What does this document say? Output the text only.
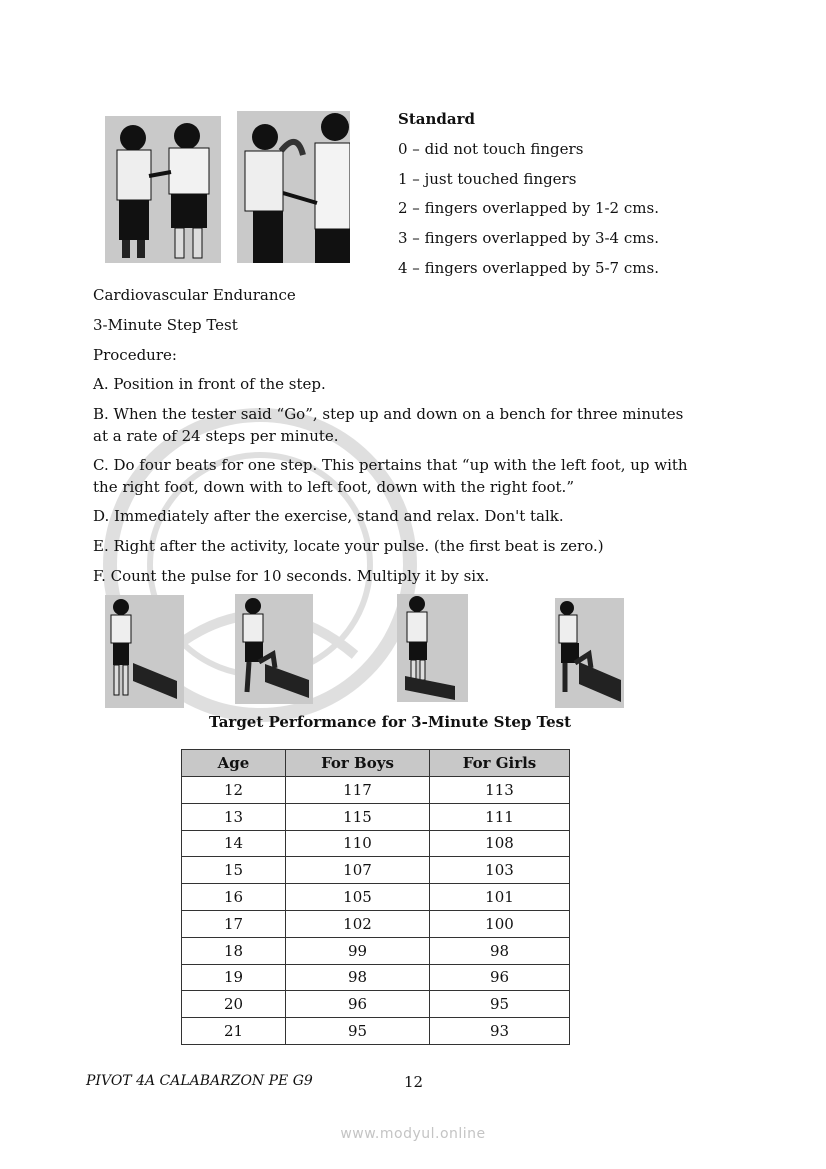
Standard
0 – did not touch fingers
1 – just touched fingers
2 – fingers overlapped by 1-2 cms.
3 – fingers overlapped by 3-4 cms.
4 – fingers overlapped by 5-7 cms.
Cardiovascular Endurance
3-Minute Step Test
Procedure:
A. Position in front of the step.
B. When the tester said “Go”, step up and down on a bench for three minutes at a rate of 24 steps per minute.
C. Do four beats for one step. This pertains that “up with the left foot, up with the right foot, down with to left foot, down with the right foot.”
D. Immediately after the exercise, stand and relax. Don't talk.
E. Right after the activity, locate your pulse. (the first beat is zero.)
F. Count the pulse for 10 seconds. Multiply it by six.
Target Performance for 3-Minute Step Test
Age	For Boys	For Girls
12	117	113
13	115	111
14	110	108
15	107	103
16	105	101
17	102	100
18	99	98
19	98	96
20	96	95
21	95	93
PIVOT 4A CALABARZON PE G9	12
www.modyul.online
